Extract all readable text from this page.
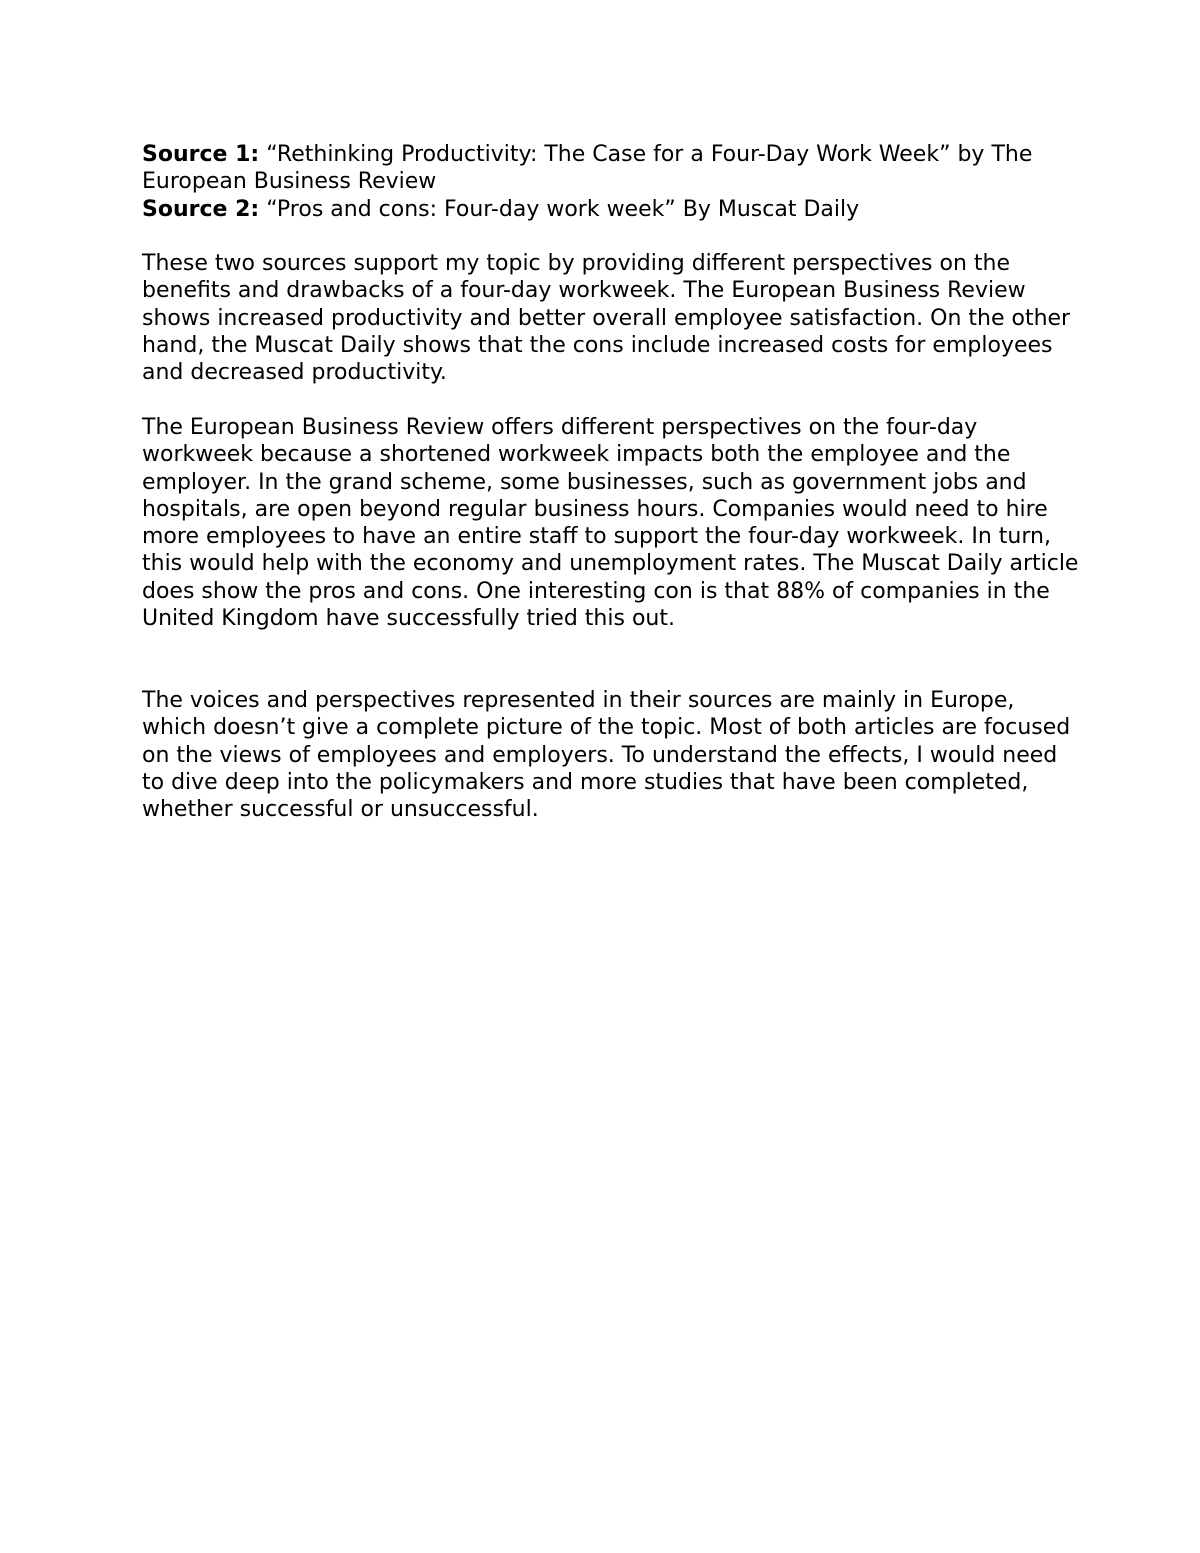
Source 1: “Rethinking Productivity: The Case for a Four-Day Work Week” by The European Business Review

Source 2: “Pros and cons: Four-day work week” By Muscat Daily

These two sources support my topic by providing different perspectives on the benefits and drawbacks of a four-day workweek. The European Business Review shows increased productivity and better overall employee satisfaction. On the other hand, the Muscat Daily shows that the cons include increased costs for employees and decreased productivity.

The European Business Review offers different perspectives on the four-day workweek because a shortened workweek impacts both the employee and the employer. In the grand scheme, some businesses, such as government jobs and hospitals, are open beyond regular business hours. Companies would need to hire more employees to have an entire staff to support the four-day workweek. In turn, this would help with the economy and unemployment rates. The Muscat Daily article does show the pros and cons. One interesting con is that 88% of companies in the United Kingdom have successfully tried this out.

The voices and perspectives represented in their sources are mainly in Europe, which doesn’t give a complete picture of the topic. Most of both articles are focused on the views of employees and employers. To understand the effects, I would need to dive deep into the policymakers and more studies that have been completed, whether successful or unsuccessful.
